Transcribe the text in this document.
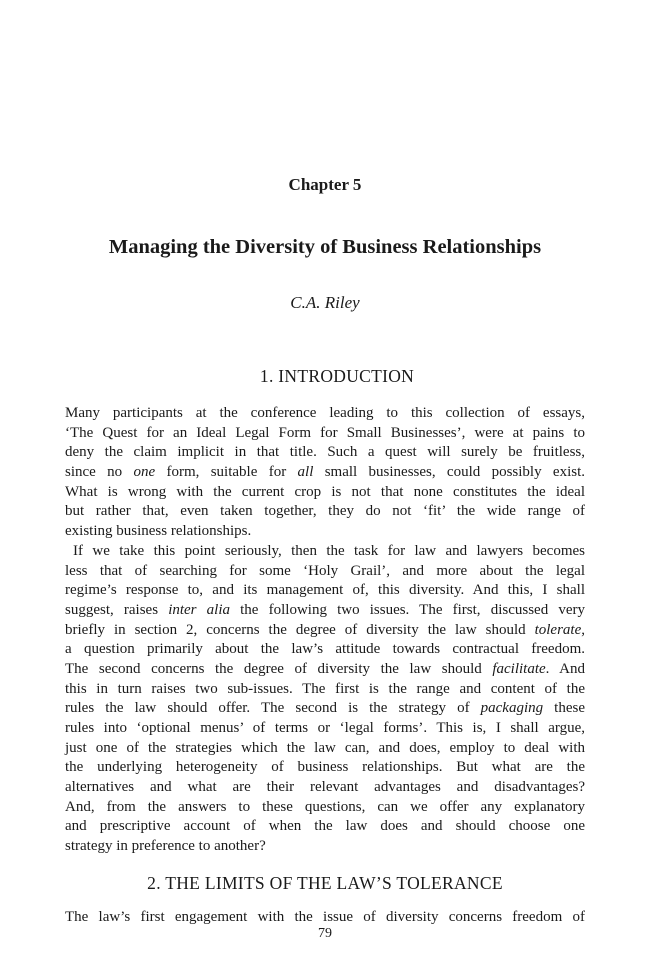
Chapter 5
Managing the Diversity of Business Relationships
C.A. Riley
1. INTRODUCTION
Many participants at the conference leading to this collection of essays,
‘The Quest for an Ideal Legal Form for Small Businesses’, were at pains to
deny the claim implicit in that title. Such a quest will surely be fruitless,
since no one form, suitable for all small businesses, could possibly exist.
What is wrong with the current crop is not that none constitutes the ideal
but rather that, even taken together, they do not ‘fit’ the wide range of
existing business relationships.
If we take this point seriously, then the task for law and lawyers becomes
less that of searching for some ‘Holy Grail’, and more about the legal
regime’s response to, and its management of, this diversity. And this, I shall
suggest, raises inter alia the following two issues. The first, discussed very
briefly in section 2, concerns the degree of diversity the law should tolerate,
a question primarily about the law’s attitude towards contractual freedom.
The second concerns the degree of diversity the law should facilitate. And
this in turn raises two sub-issues. The first is the range and content of the
rules the law should offer. The second is the strategy of packaging these
rules into ‘optional menus’ of terms or ‘legal forms’. This is, I shall argue,
just one of the strategies which the law can, and does, employ to deal with
the underlying heterogeneity of business relationships. But what are the
alternatives and what are their relevant advantages and disadvantages?
And, from the answers to these questions, can we offer any explanatory
and prescriptive account of when the law does and should choose one
strategy in preference to another?
2. THE LIMITS OF THE LAW’S TOLERANCE
The law’s first engagement with the issue of diversity concerns freedom of
79
